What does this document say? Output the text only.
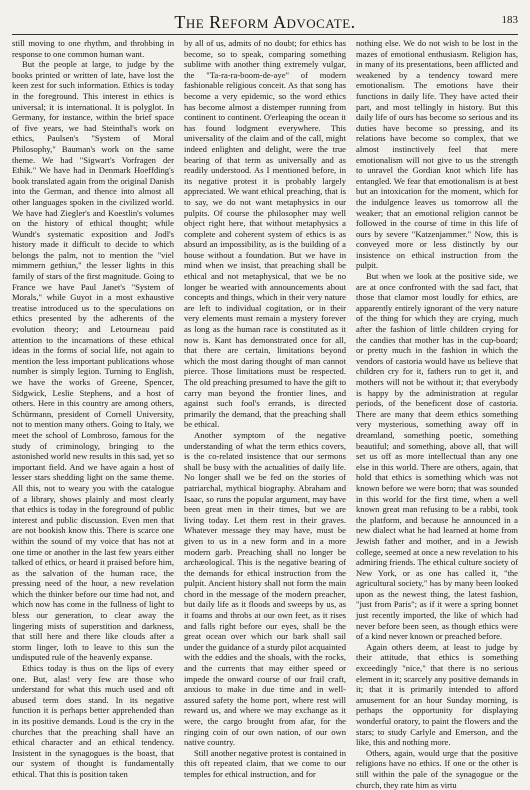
The Reform Advocate.	183

still moving to one rhythm, and throbbing in response to one common human want.

But the people at large, to judge by the books printed or written of late, have lost the keen zest for such information. Ethics is today in the foreground. This interest in ethics is universal; it is international. It is polyglot. In Germany, for instance, within the brief space of five years, we had Steinthal's work on ethics, Paulsen's "System of Moral Philosophy," Bauman's work on the same theme. We had "Sigwart's Vorfragen der Ethik." We have had in Denmark Hoeffding's book translated again from the original Danish into the German, and thence into almost all other languages spoken in the civilized world. We have had Ziegler's and Koestlin's volumes on the history of ethical thought; while Wundt's systematic exposition and Jodl's history made it difficult to decide to which belongs the palm, not to mention the "viel mimmern gethiun," the lesser lights in this family of stars of the first magnitude. Going to France we have Paul Janet's "System of Morals," while Guyot in a most exhaustive treatise introduced us to the speculations on ethics presented by the adherents of the evolution theory; and Letourneau paid attention to the incarnations of these ethical ideas in the forms of social life, not again to mention the less important publications whose number is simply legion. Turning to English, we have the works of Greene, Spencer, Sidgwick, Leslie Stephens, and a host of others. Here in this country are among others, Schürmann, president of Cornell University, not to mention many others. Going to Italy, we meet the school of Lombroso, famous for the study of criminology, bringing to the astonished world new results in this sad, yet so important field. And we have again a host of lesser stars shedding light on the same theme. All this, not to weary you with the catalogue of a library, shows plainly and most clearly that ethics is today in the foreground of public interest and public discussion. Even men that are not bookish know this. There is scarce one within the sound of my voice that has not at one time or another in the last few years either talked of ethics, or heard it praised before him, as the salvation of the human race, the pressing need of the hour, a new revelation which the thinker before our time had not, and which now has come in the fullness of light to bless our generation, to clear away the lingering mists of superstition and darkness, that still here and there like clouds after a storm linger, loth to leave to this sun the undisputed rule of the heavenly expanse.

Ethics today is thus on the lips of every one. But, alas! very few are those who understand for what this much used and oft abused term does stand. In its negative function it is perhaps better apprehended than in its positive demands. Loud is the cry in the churches that the preaching shall have an ethical character and an ethical tendency. Insistent in the synagogues is the boast, that our system of thought is fundamentally ethical. That this is position taken

by all of us, admits of no doubt; for ethics has become, so to speak, comparing something sublime with another thing extremely vulgar, the "Ta-ra-ra-boom-de-aye" of modern fashionable religious conceit. As that song has become a very epidemic, so the word ethics has become almost a distemper running from continent to continent. O'erleaping the ocean it has found lodgment everywhere. This universality of the claim and of the call, might indeed enlighten and delight, were the true bearing of that term as universally and as readily understood. As I mentioned before, in its negative protest it is probably largely appreciated. We want ethical preaching, that is to say, we do not want metaphysics in our pulpits. Of course the philosopher may well object right here, that without metaphysics a complete and coherent system of ethics is as absurd an impossibility, as is the building of a house without a foundation. But we have in mind when we insist, that preaching shall be ethical and not metaphysical, that we be no longer be wearied with announcements about concepts and things, which in their very nature are left to individual cogitation, or in their very elements must remain a mystery forever as long as the human race is constituted as it now is. Kant has demonstrated once for all, that there are certain, limitations beyond which the most daring thought of man cannot pierce. Those limitations must be respected. The old preaching presumed to have the gift to carry man beyond the frontier lines, and against such fool's errands, is directed primarily the demand, that the preaching shall be ethical.

Another symptom of the negative understanding of what the term ethics covers, is the co-related insistence that our sermons shall be busy with the actualities of daily life. No longer shall we be fed on the stories of patriarchal, mythical biography. Abraham and Isaac, so runs the popular argument, may have been great men in their times, but we are living today. Let them rest in their graves. Whatever message they may have, must be given to us in a new form and in a more modern garb. Preaching shall no longer be archæological. This is the negative bearing of the demands for ethical instruction from the pulpit. Ancient history shall not form the main chord in the message of the modern preacher, but daily life as it floods and sweeps by us, as it foams and throbs at our own feet, as it rises and falls right before our eyes, shall be the great ocean over which our bark shall sail under the guidance of a sturdy pilot acquainted with the eddies and the shoals, with the rocks, and the currents that may either speed or impede the onward course of our frail craft, anxious to make in due time and in well-assured safety the home port, where rest will reward us, and where we may exchange as it were, the cargo brought from afar, for the ringing coin of our own nation, of our own native country.

Still another negative protest is contained in this oft repeated claim, that we come to our temples for ethical instruction, and for

nothing else. We do not wish to be lost in the mazes of emotional enthusiasm. Religion has, in many of its presentations, been afflicted and weakened by a tendency toward mere emotionalism. The emotions have their functions in daily life. They have acted their part, and most tellingly in history. But this daily life of ours has become so serious and its duties have become so pressing, and its relations have become so complex, that we almost instinctively feel that mere emotionalism will not give to us the strength to unravel the Gordian knot which life has entangled. We fear that emotionalism is at best but an intoxication for the moment, which for the indulgence leaves us tomorrow all the weaker; that an emotional religion cannot be followed in the course of time in this life of ours by severe "Katzenjammer." Now, this is conveyed more or less distinctly by our insistence on ethical instruction from the pulpit.

But when we look at the positive side, we are at once confronted with the sad fact, that those that clamor most loudly for ethics, are apparently entirely ignorant of the very nature of the thing for which they are crying, much after the fashion of little children crying for the candies that mother has in the cup-board; or pretty much in the fashion in which the vendors of castoria would have us believe that children cry for it, fathers run to get it, and mothers will not be without it; that everybody is happy by the administration at regular periods, of the beneficent dose of castoria. There are many that deem ethics something very mysterious, something away off in dreamland, something poetic, something beautiful; and something, above all, that will set us off as more intellectual than any one else in this world. There are others, again, that hold that ethics is something which was not known before we were born; that was sounded in this world for the first time, when a well known great man refusing to be a rabbi, took the platform, and because he announced in a new dialect what he had learned at home from Jewish father and mother, and in a Jewish college, seemed at once a new revelation to his admiring friends. The ethical culture society of New York, or as one has called it, "the agricultural society," has by many been looked upon as the newest thing, the latest fashion, "just from Paris"; as if it were a spring bonnet just recently imported, the like of which had never before been seen, as though ethics were of a kind never known or preached before.

Again others deem, at least to judge by their attitude, that ethics is something exceedingly "nice," that there is no serious element in it; scarcely any positive demands in it; that it is primarily intended to afford amusement for an hour Sunday morning, is perhaps the opportunity for displaying wonderful oratory, to paint the flowers and the stars; to study Carlyle and Emerson, and the like, this and nothing more.

Others, again, would urge that the positive religions have no ethics. If one or the other is still within the pale of the synagogue or the church, they rate him as virtu
